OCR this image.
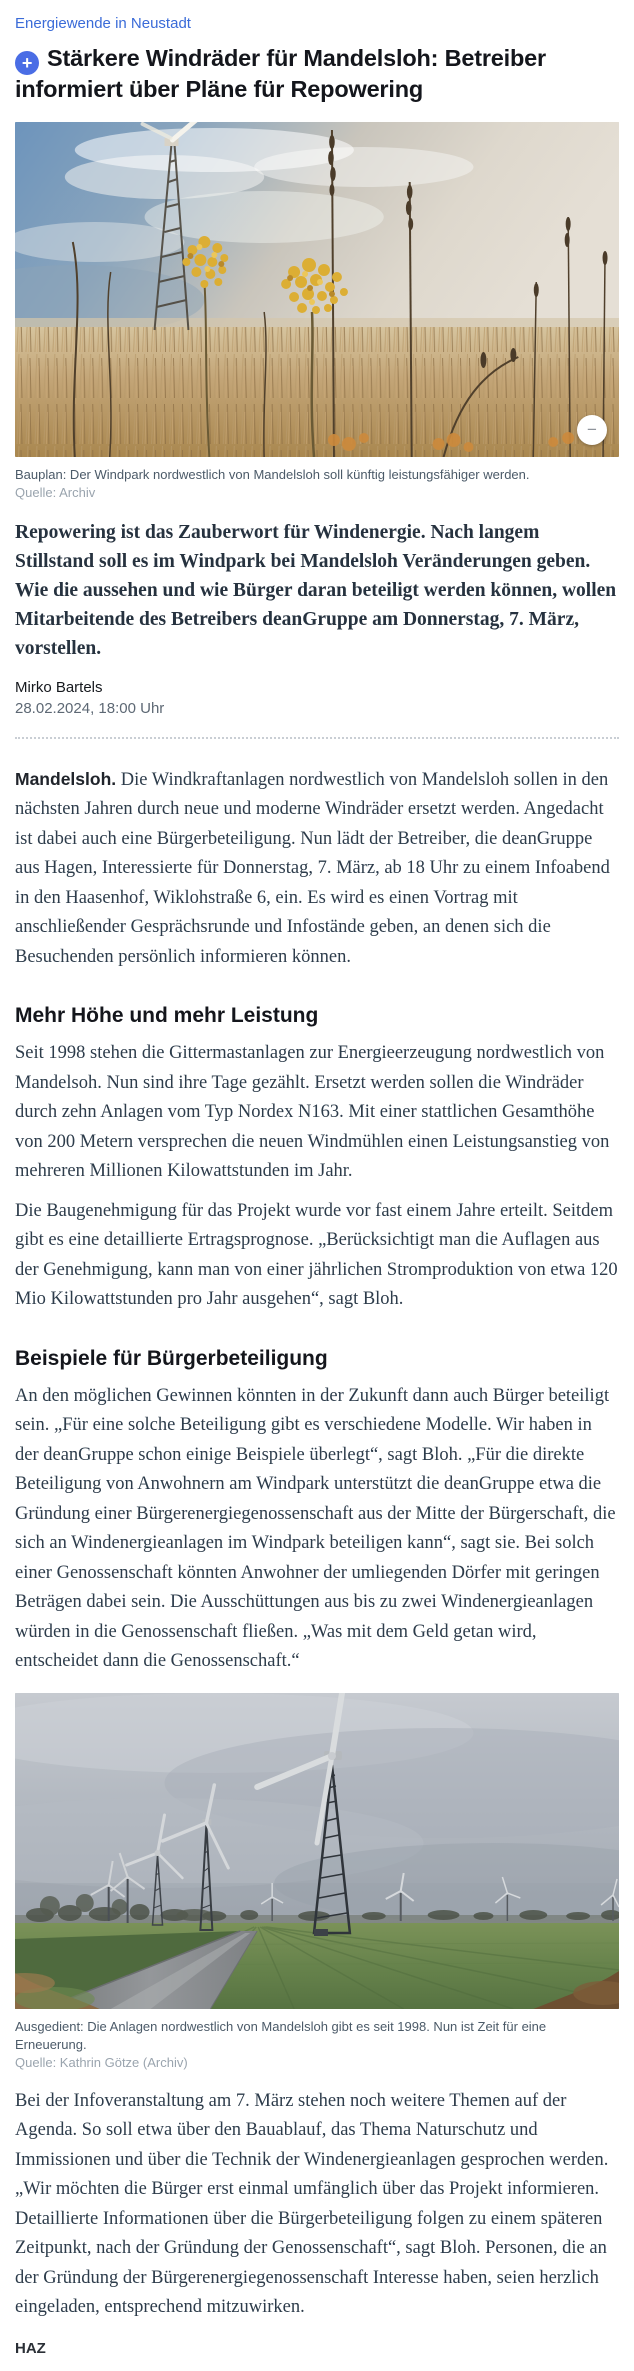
Energiewende in Neustadt
+ Stärkere Windräder für Mandelsloh: Betreiber informiert über Pläne für Repowering
−
Bauplan: Der Windpark nordwestlich von Mandelsloh soll künftig leistungsfähiger werden.
Quelle: Archiv

Repowering ist das Zauberwort für Windenergie. Nach langem Stillstand soll es im Windpark bei Mandelsloh Veränderungen geben. Wie die aussehen und wie Bürger daran beteiligt werden können, wollen Mitarbeitende des Betreibers deanGruppe am Donnerstag, 7. März, vorstellen.

Mirko Bartels
28.02.2024, 18:00 Uhr

Mandelsloh. Die Windkraftanlagen nordwestlich von Mandelsloh sollen in den nächsten Jahren durch neue und moderne Windräder ersetzt werden. Angedacht ist dabei auch eine Bürgerbeteiligung. Nun lädt der Betreiber, die deanGruppe aus Hagen, Interessierte für Donnerstag, 7. März, ab 18 Uhr zu einem Infoabend in den Haasenhof, Wiklohstraße 6, ein. Es wird es einen Vortrag mit anschließender Gesprächsrunde und Infostände geben, an denen sich die Besuchenden persönlich informieren können.

Mehr Höhe und mehr Leistung

Seit 1998 stehen die Gittermastanlagen zur Energieerzeugung nordwestlich von Mandelsoh. Nun sind ihre Tage gezählt. Ersetzt werden sollen die Windräder durch zehn Anlagen vom Typ Nordex N163. Mit einer stattlichen Gesamthöhe von 200 Metern versprechen die neuen Windmühlen einen Leistungsanstieg von mehreren Millionen Kilowattstunden im Jahr.

Die Baugenehmigung für das Projekt wurde vor fast einem Jahre erteilt. Seitdem gibt es eine detaillierte Ertragsprognose. „Berücksichtigt man die Auflagen aus der Genehmigung, kann man von einer jährlichen Stromproduktion von etwa 120 Mio Kilowattstunden pro Jahr ausgehen“, sagt Bloh.

Beispiele für Bürgerbeteiligung

An den möglichen Gewinnen könnten in der Zukunft dann auch Bürger beteiligt sein. „Für eine solche Beteiligung gibt es verschiedene Modelle. Wir haben in der deanGruppe schon einige Beispiele überlegt“, sagt Bloh. „Für die direkte Beteiligung von Anwohnern am Windpark unterstützt die deanGruppe etwa die Gründung einer Bürgerenergiegenossenschaft aus der Mitte der Bürgerschaft, die sich an Windenergieanlagen im Windpark beteiligen kann“, sagt sie. Bei solch einer Genossenschaft könnten Anwohner der umliegenden Dörfer mit geringen Beträgen dabei sein. Die Ausschüttungen aus bis zu zwei Windenergieanlagen würden in die Genossenschaft fließen. „Was mit dem Geld getan wird, entscheidet dann die Genossenschaft.“

Ausgedient: Die Anlagen nordwestlich von Mandelsloh gibt es seit 1998. Nun ist Zeit für eine Erneuerung.
Quelle: Kathrin Götze (Archiv)

Bei der Infoveranstaltung am 7. März stehen noch weitere Themen auf der Agenda. So soll etwa über den Bauablauf, das Thema Naturschutz und Immissionen und über die Technik der Windenergieanlagen gesprochen werden. „Wir möchten die Bürger erst einmal umfänglich über das Projekt informieren. Detaillierte Informationen über die Bürgerbeteiligung folgen zu einem späteren Zeitpunkt, nach der Gründung der Genossenschaft“, sagt Bloh. Personen, die an der Gründung der Bürgerenergiegenossenschaft Interesse haben, seien herzlich eingeladen, entsprechend mitzuwirken.

HAZ
